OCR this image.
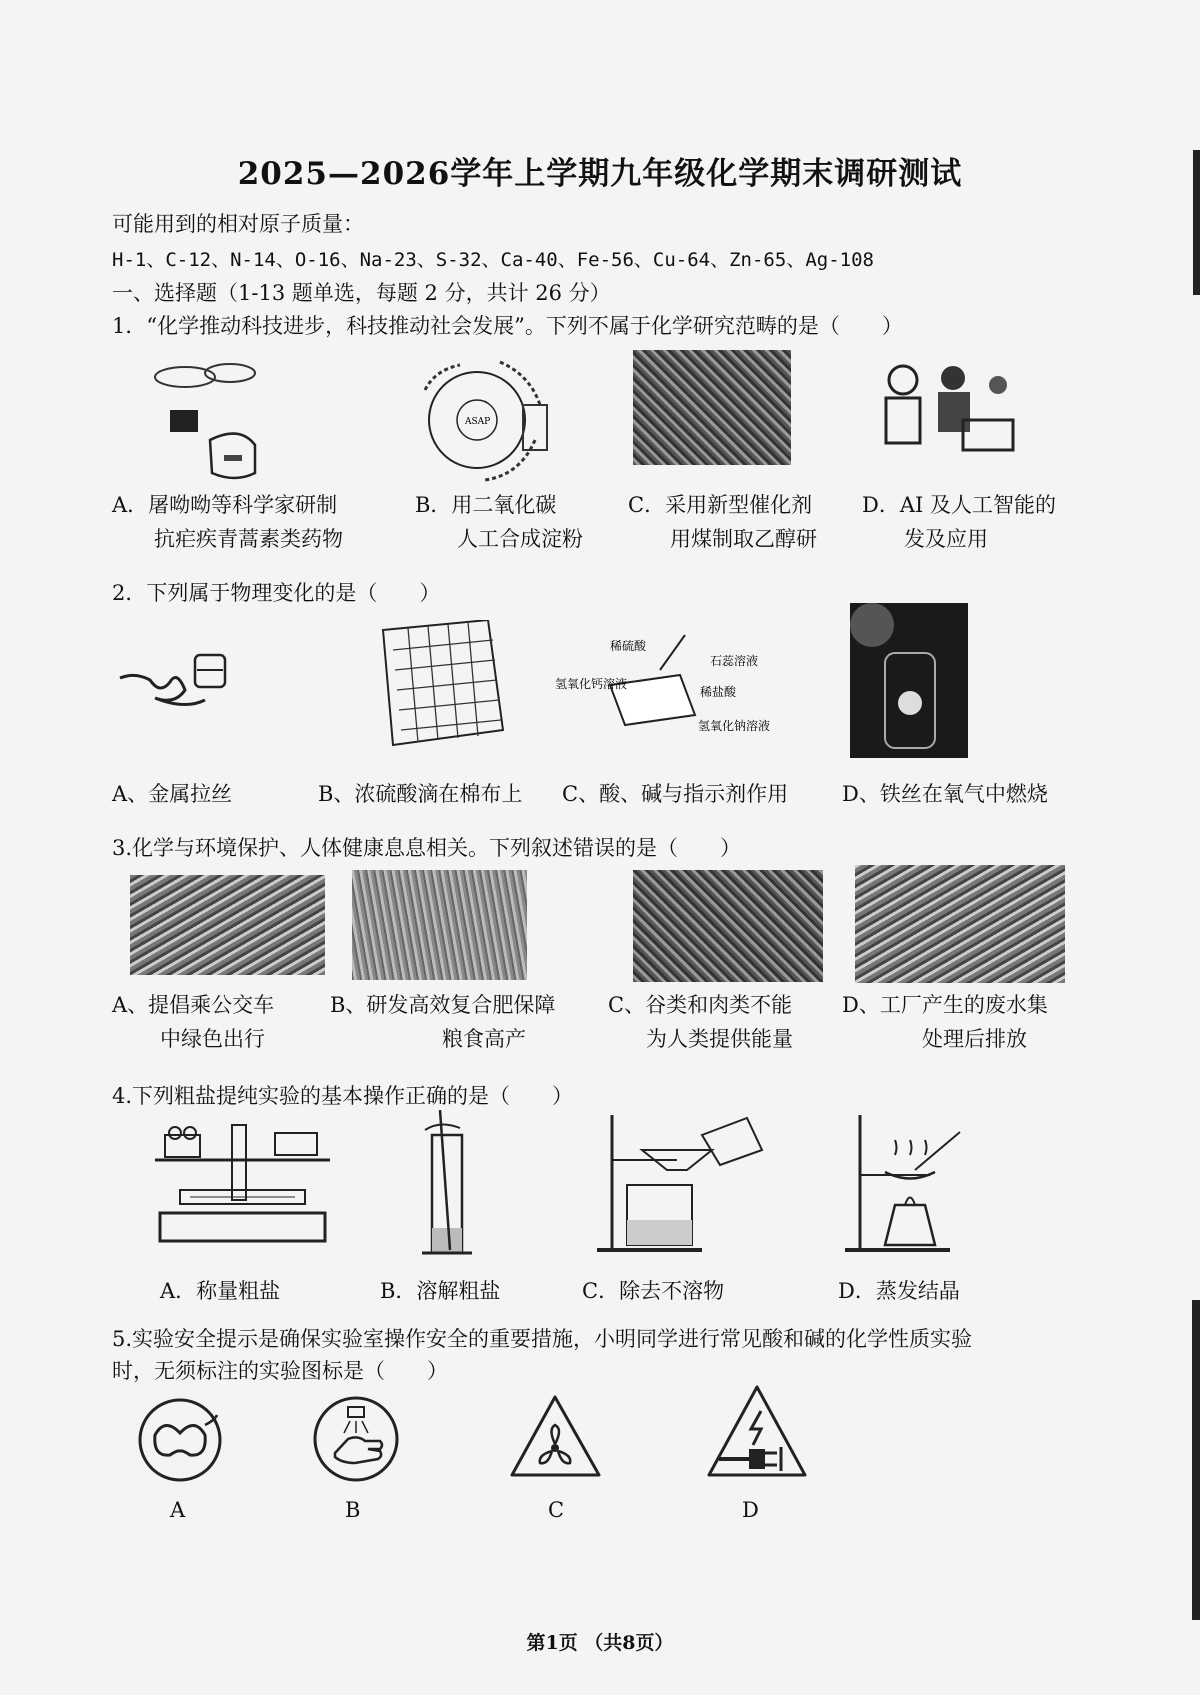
2025—2026学年上学期九年级化学期末调研测试
可能用到的相对原子质量：
H-1、C-12、N-14、O-16、Na-23、S-32、Ca-40、Fe-56、Cu-64、Zn-65、Ag-108
一、选择题（1-13 题单选，每题 2 分，共计 26 分）
1．“化学推动科技进步，科技推动社会发展”。下列不属于化学研究范畴的是（　　）
ASAP
A．屠呦呦等科学家研制
抗疟疾青蒿素类药物
B．用二氧化碳
人工合成淀粉
C．采用新型催化剂
用煤制取乙醇研
D．AI 及人工智能的
发及应用
2．下列属于物理变化的是（　　）
稀硫酸
石蕊溶液
氢氧化钙溶液
稀盐酸
氢氧化钠溶液
A、金属拉丝	B、浓硫酸滴在棉布上 C、酸、碱与指示剂作用	D、铁丝在氧气中燃烧
3.化学与环境保护、人体健康息息相关。下列叙述错误的是（　　）
A、提倡乘公交车
中绿色出行
B、研发高效复合肥保障
粮食高产
C、谷类和肉类不能
为人类提供能量
D、工厂产生的废水集
处理后排放
4.下列粗盐提纯实验的基本操作正确的是（　　）
A．称量粗盐	B．溶解粗盐	C．除去不溶物	D．蒸发结晶
5.实验安全提示是确保实验室操作安全的重要措施，小明同学进行常见酸和碱的化学性质实验
时，无须标注的实验图标是（　　）
A	B	C	D
第1页 （共8页）
